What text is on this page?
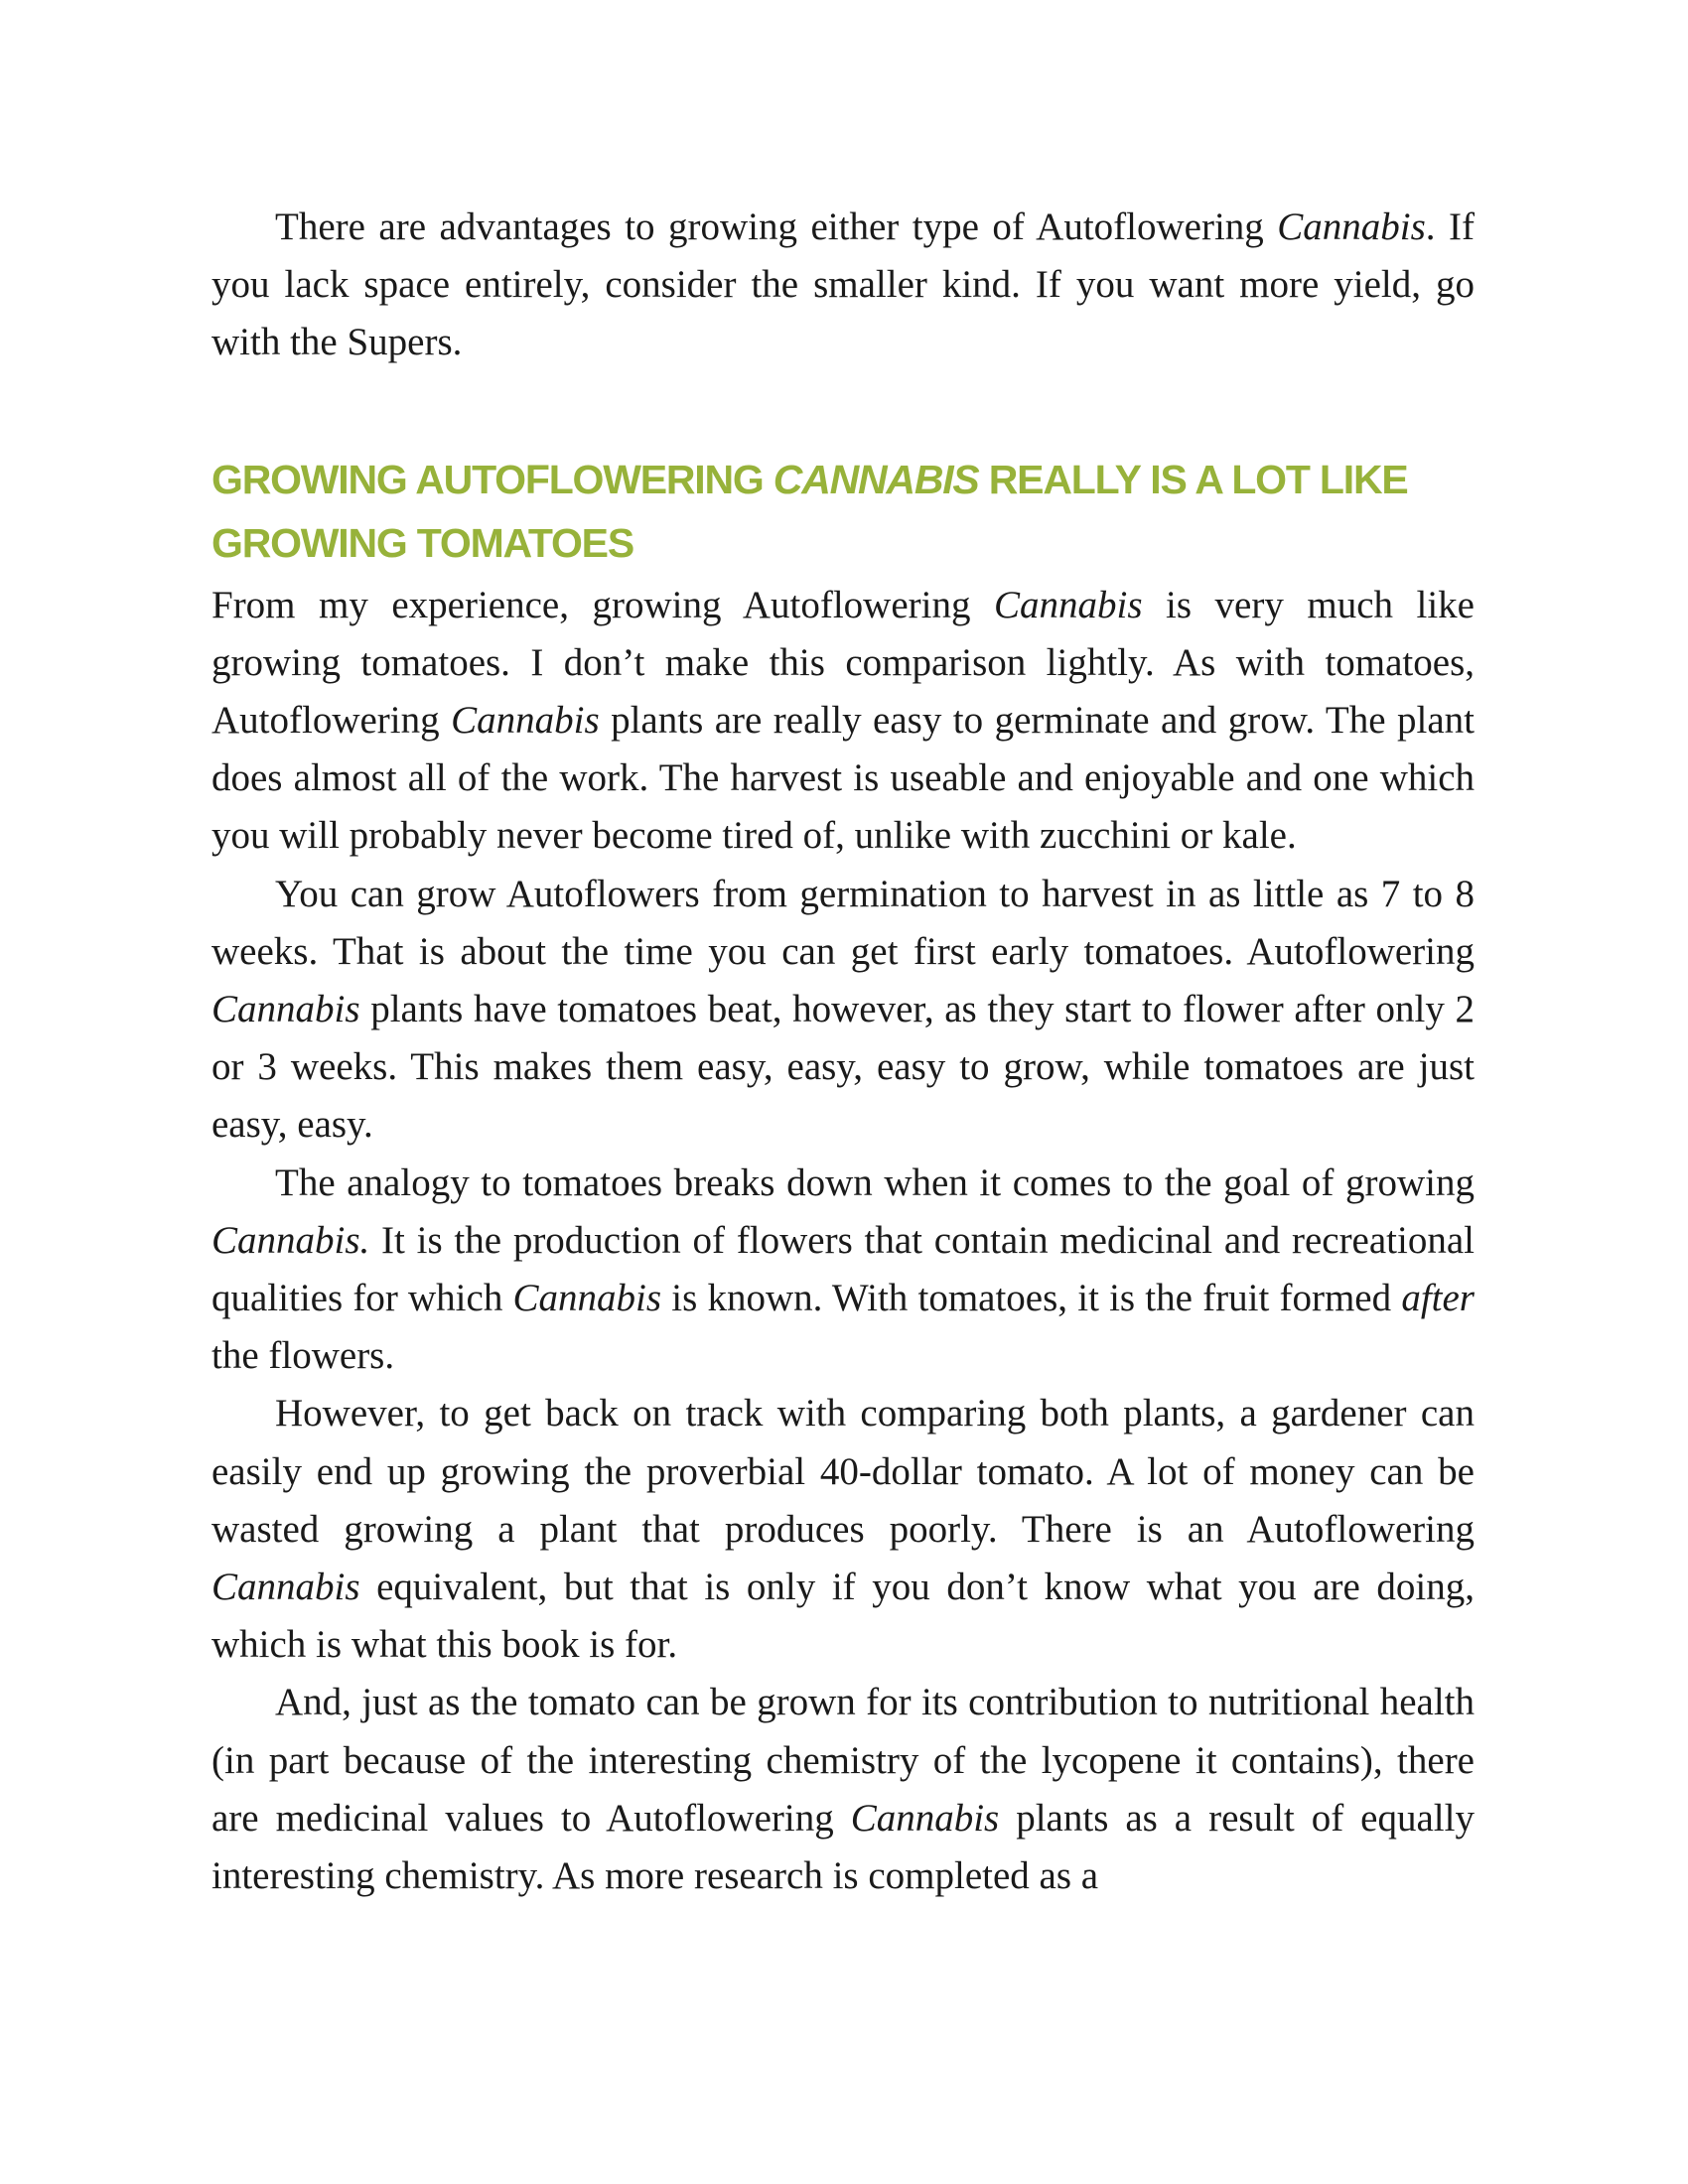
There are advantages to growing either type of Autoflowering Cannabis. If you lack space entirely, consider the smaller kind. If you want more yield, go with the Supers.

GROWING AUTOFLOWERING CANNABIS REALLY IS A LOT LIKE GROWING TOMATOES

From my experience, growing Autoflowering Cannabis is very much like growing tomatoes. I don’t make this comparison lightly. As with tomatoes, Autoflowering Cannabis plants are really easy to germinate and grow. The plant does almost all of the work. The harvest is useable and enjoyable and one which you will probably never become tired of, unlike with zucchini or kale.

You can grow Autoflowers from germination to harvest in as little as 7 to 8 weeks. That is about the time you can get first early tomatoes. Autoflowering Cannabis plants have tomatoes beat, however, as they start to flower after only 2 or 3 weeks. This makes them easy, easy, easy to grow, while tomatoes are just easy, easy.

The analogy to tomatoes breaks down when it comes to the goal of growing Cannabis. It is the production of flowers that contain medicinal and recreational qualities for which Cannabis is known. With tomatoes, it is the fruit formed after the flowers.

However, to get back on track with comparing both plants, a gardener can easily end up growing the proverbial 40-dollar tomato. A lot of money can be wasted growing a plant that produces poorly. There is an Autoflowering Cannabis equivalent, but that is only if you don’t know what you are doing, which is what this book is for.

And, just as the tomato can be grown for its contribution to nutritional health (in part because of the interesting chemistry of the lycopene it contains), there are medicinal values to Autoflowering Cannabis plants as a result of equally interesting chemistry. As more research is completed as a
